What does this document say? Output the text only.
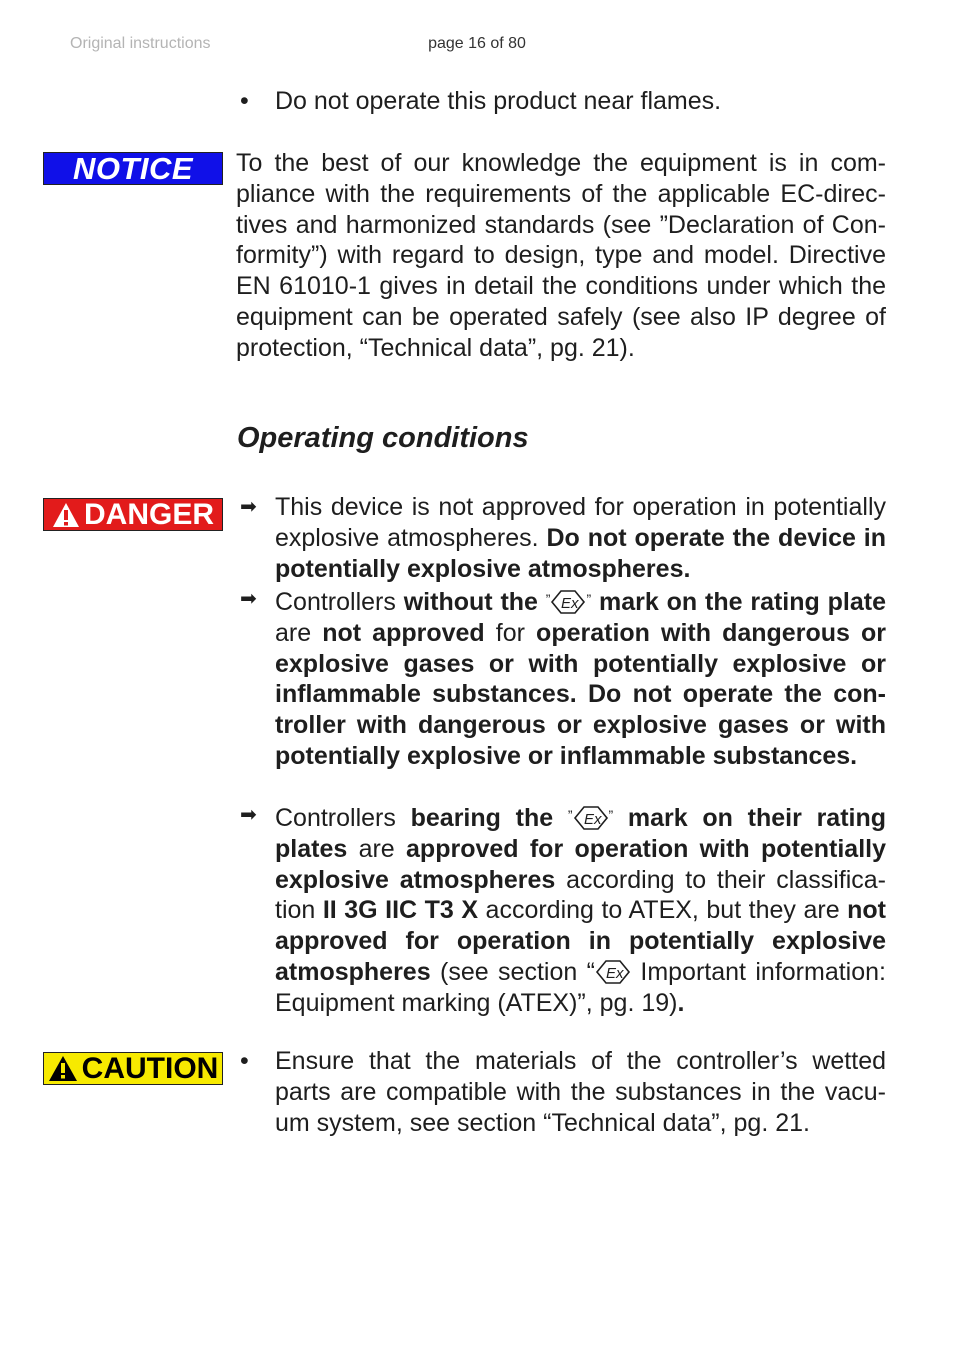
Original instructions	page 16 of 80
•	Do not operate this product near flames.
NOTICE	To the best of our knowledge the equipment is in com-pliance with the requirements of the applicable EC-direc-tives and harmonized standards (see ”Declaration of Con-formity”) with regard to design, type and model. Directive EN 61010-1 gives in detail the conditions under which the equipment can be operated safely (see also IP degree of protection, “Technical data”, pg. 21).
Operating conditions
DANGER ➡ This device is not approved for operation in potentially explosive atmospheres. Do not operate the device in potentially explosive atmospheres.
➡ Controllers without the ” Ex ” mark on the rating plate are not approved for operation with dangerous or explosive gases or with potentially explosive or inflammable substances. Do not operate the con-troller with dangerous or explosive gases or with potentially explosive or inflammable substances.
➡ Controllers bearing the ” Ex ” mark on their rating plates are approved for operation with potentially explosive atmospheres according to their classifica-tion II 3G IIC T3 X according to ATEX, but they are not approved for operation in potentially explosive atmospheres (see section “ Ex Important information: Equipment marking (ATEX)”, pg. 19).
CAUTION •	Ensure that the materials of the controller’s wetted parts are compatible with the substances in the vacu-um system, see section “Technical data”, pg. 21.
